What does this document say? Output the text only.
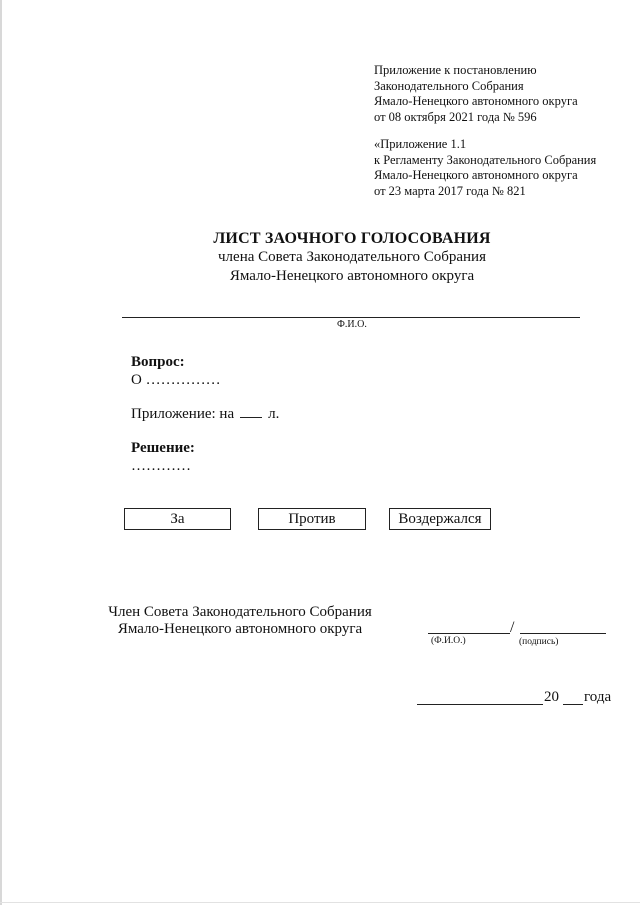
Приложение к постановлению
Законодательного Собрания
Ямало-Ненецкого автономного округа
от 08 октября 2021 года № 596
«Приложение 1.1
к Регламенту Законодательного Собрания
Ямало-Ненецкого автономного округа
от 23 марта 2017 года № 821
ЛИСТ ЗАОЧНОГО ГОЛОСОВАНИЯ
члена Совета Законодательного Собрания
Ямало-Ненецкого автономного округа
Ф.И.О.
Вопрос:
О ……………
Приложение: на л.
Решение:
…………
За	Против	Воздержался
Член Совета Законодательного Собрания
Ямало-Ненецкого автономного округа	/
(Ф.И.О.)	(подпись)
20 года
